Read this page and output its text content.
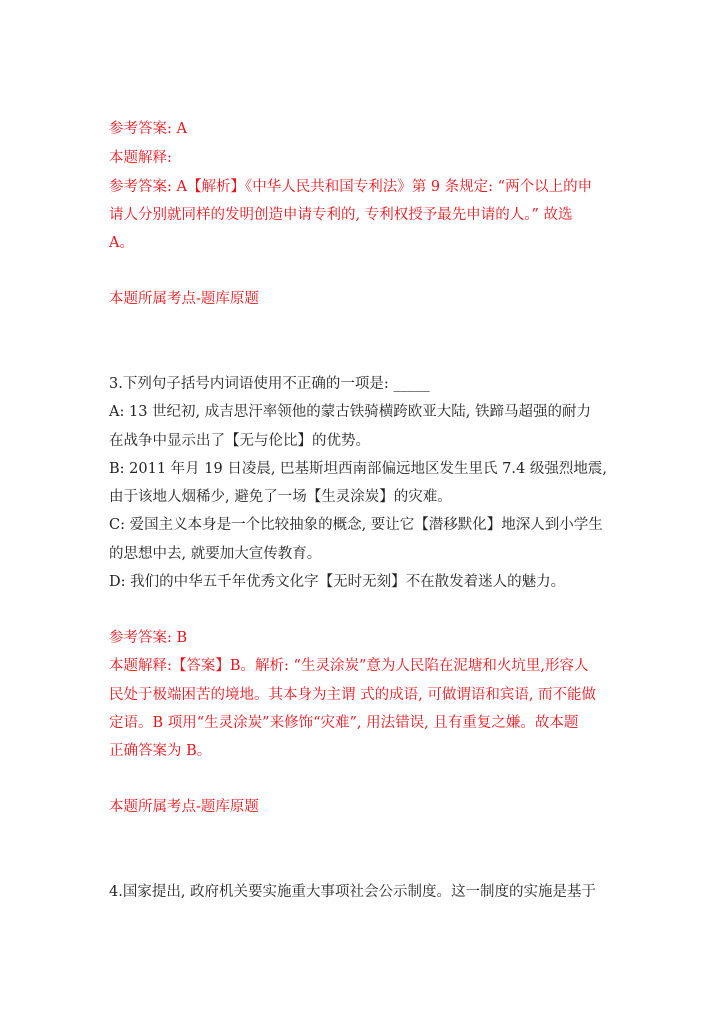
参考答案: A
本题解释:
参考答案: A【解析】《中华人民共和国专利法》第 9 条规定: “两个以上的申
请人分别就同样的发明创造申请专利的, 专利权授予最先申请的人。” 故选
A。
本题所属考点-题库原题
3.下列句子括号内词语使用不正确的一项是: _____
A: 13 世纪初, 成吉思汗率领他的蒙古铁骑横跨欧亚大陆, 铁蹄马超强的耐力
在战争中显示出了【无与伦比】的优势。
B: 2011 年月 19 日凌晨, 巴基斯坦西南部偏远地区发生里氏 7.4 级强烈地震,
由于该地人烟稀少, 避免了一场【生灵涂炭】的灾难。
C: 爱国主义本身是一个比较抽象的概念, 要让它【潜移默化】地深人到小学生
的思想中去, 就要加大宣传教育。
D: 我们的中华五千年优秀文化字【无时无刻】不在散发着迷人的魅力。
参考答案: B
本题解释:【答案】B。解析: “生灵涂炭”意为人民陷在泥塘和火坑里,形容人
民处于极端困苦的境地。其本身为主谓 式的成语, 可做谓语和宾语, 而不能做
定语。B 项用“生灵涂炭”来修饰“灾难”, 用法错误, 且有重复之嫌。故本题
正确答案为 B。
本题所属考点-题库原题
4.国家提出, 政府机关要实施重大事项社会公示制度。这一制度的实施是基于
